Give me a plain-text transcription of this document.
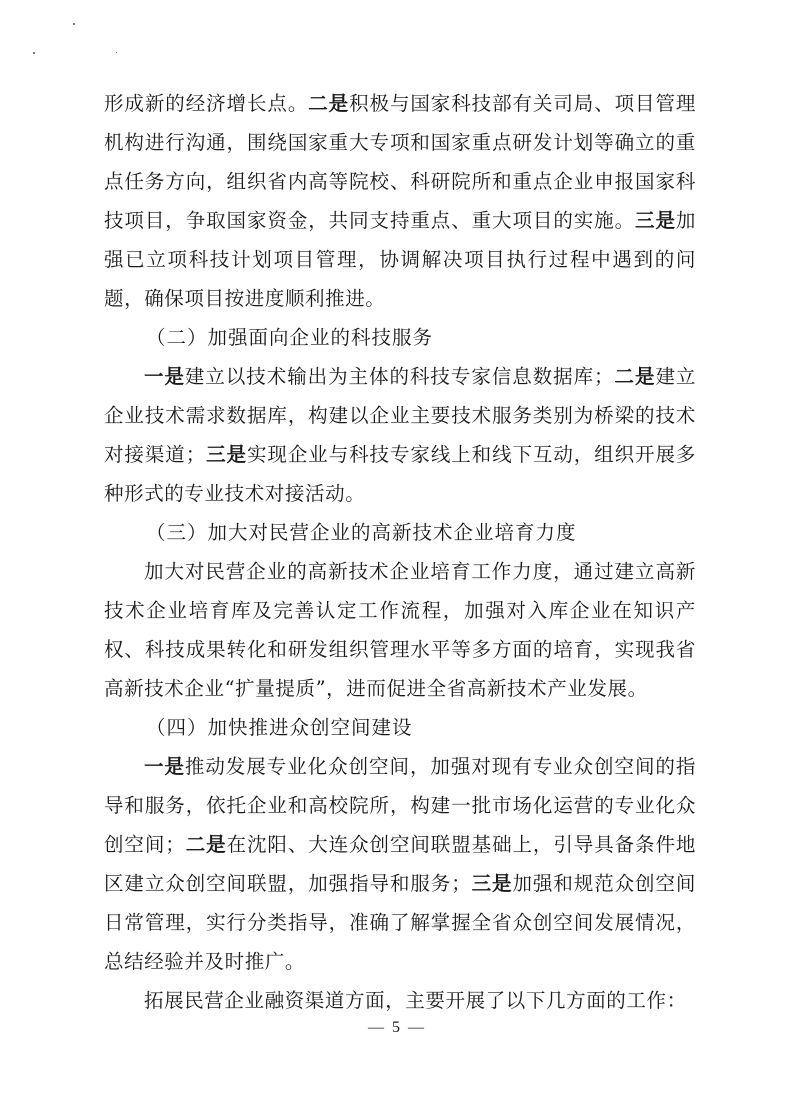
形成新的经济增长点。二是积极与国家科技部有关司局、项目管理机构进行沟通，围绕国家重大专项和国家重点研发计划等确立的重点任务方向，组织省内高等院校、科研院所和重点企业申报国家科技项目，争取国家资金，共同支持重点、重大项目的实施。三是加强已立项科技计划项目管理，协调解决项目执行过程中遇到的问题，确保项目按进度顺利推进。

（二）加强面向企业的科技服务

一是建立以技术输出为主体的科技专家信息数据库；二是建立企业技术需求数据库，构建以企业主要技术服务类别为桥梁的技术对接渠道；三是实现企业与科技专家线上和线下互动，组织开展多种形式的专业技术对接活动。

（三）加大对民营企业的高新技术企业培育力度

加大对民营企业的高新技术企业培育工作力度，通过建立高新技术企业培育库及完善认定工作流程，加强对入库企业在知识产权、科技成果转化和研发组织管理水平等多方面的培育，实现我省高新技术企业“扩量提质”，进而促进全省高新技术产业发展。

（四）加快推进众创空间建设

一是推动发展专业化众创空间，加强对现有专业众创空间的指导和服务，依托企业和高校院所，构建一批市场化运营的专业化众创空间；二是在沈阳、大连众创空间联盟基础上，引导具备条件地区建立众创空间联盟，加强指导和服务；三是加强和规范众创空间日常管理，实行分类指导，准确了解掌握全省众创空间发展情况，总结经验并及时推广。

拓展民营企业融资渠道方面，主要开展了以下几方面的工作：

— 5 —
